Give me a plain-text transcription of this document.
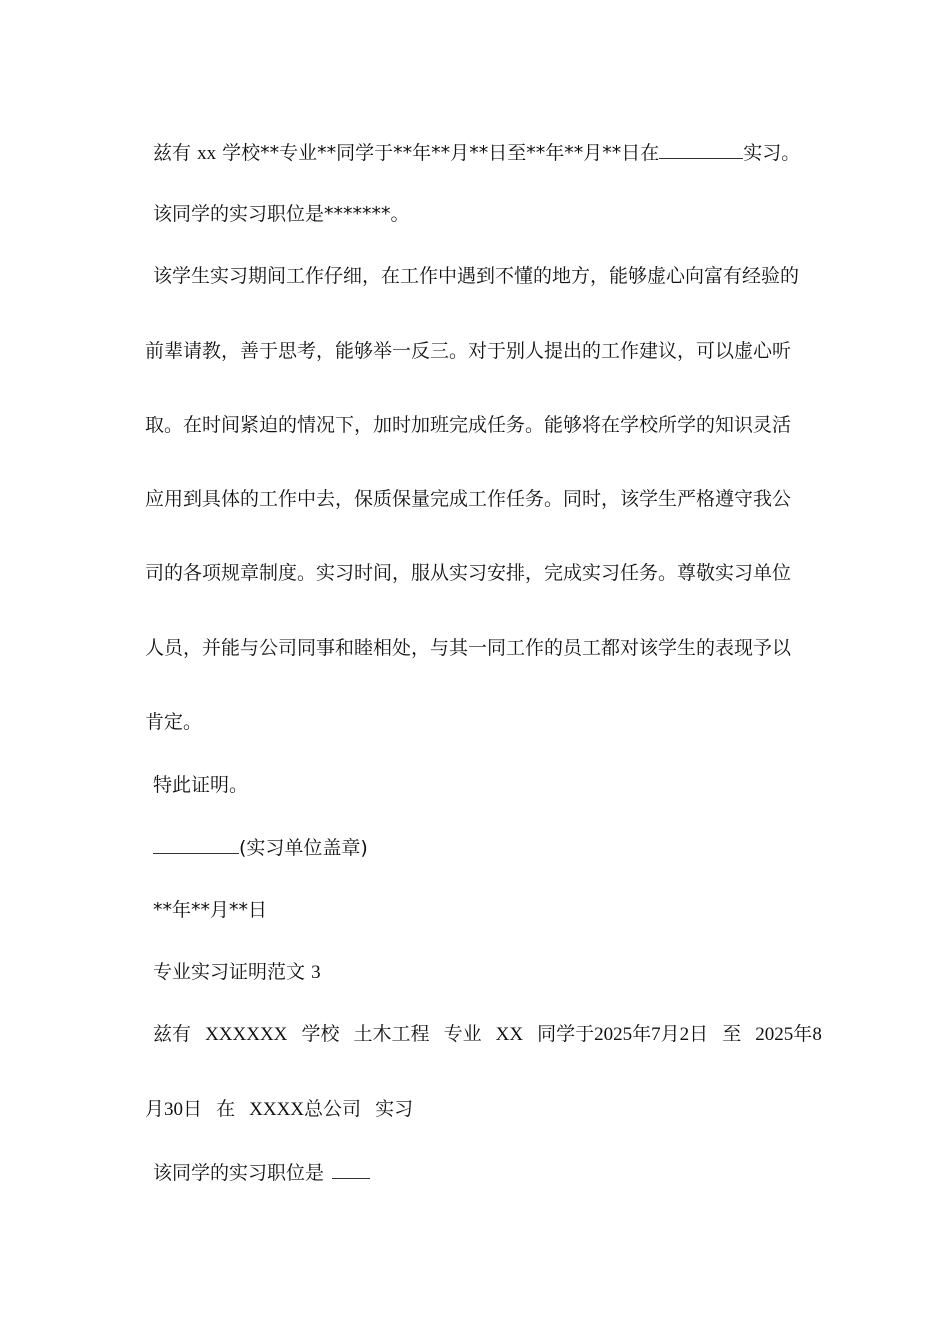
兹有 xx 学校**专业**同学于**年**月**日至**年**月**日在	实习。
该同学的实习职位是*******。
该学生实习期间工作仔细，在工作中遇到不懂的地方，能够虚心向富有经验的
前辈请教，善于思考，能够举一反三。对于别人提出的工作建议，可以虚心听
取。在时间紧迫的情况下，加时加班完成任务。能够将在学校所学的知识灵活
应用到具体的工作中去，保质保量完成工作任务。同时，该学生严格遵守我公
司的各项规章制度。实习时间，服从实习安排，完成实习任务。尊敬实习单位
人员，并能与公司同事和睦相处，与其一同工作的员工都对该学生的表现予以
肯定。
特此证明。
(实习单位盖章)
**年**月**日
专业实习证明范文 3
兹有 XXXXXX 学校 土木工程 专业 XX 同学于2025年7月2日 至 2025年8
月30日 在 XXXX总公司 实习
该同学的实习职位是
